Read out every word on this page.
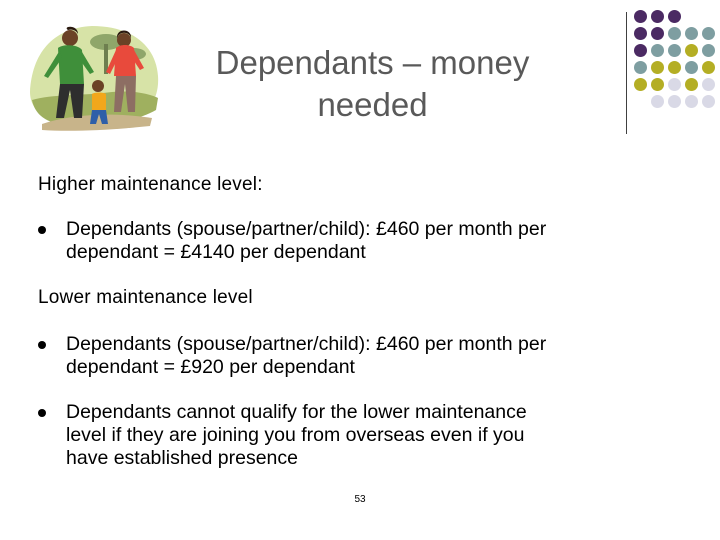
Dependants – money
needed
Higher maintenance level:
Dependants (spouse/partner/child): £460 per month per
dependant = £4140 per dependant
Lower maintenance level
Dependants (spouse/partner/child): £460 per month per
dependant = £920 per dependant
Dependants cannot qualify for the lower maintenance
level if they are joining you from overseas even if you
have established presence
53
